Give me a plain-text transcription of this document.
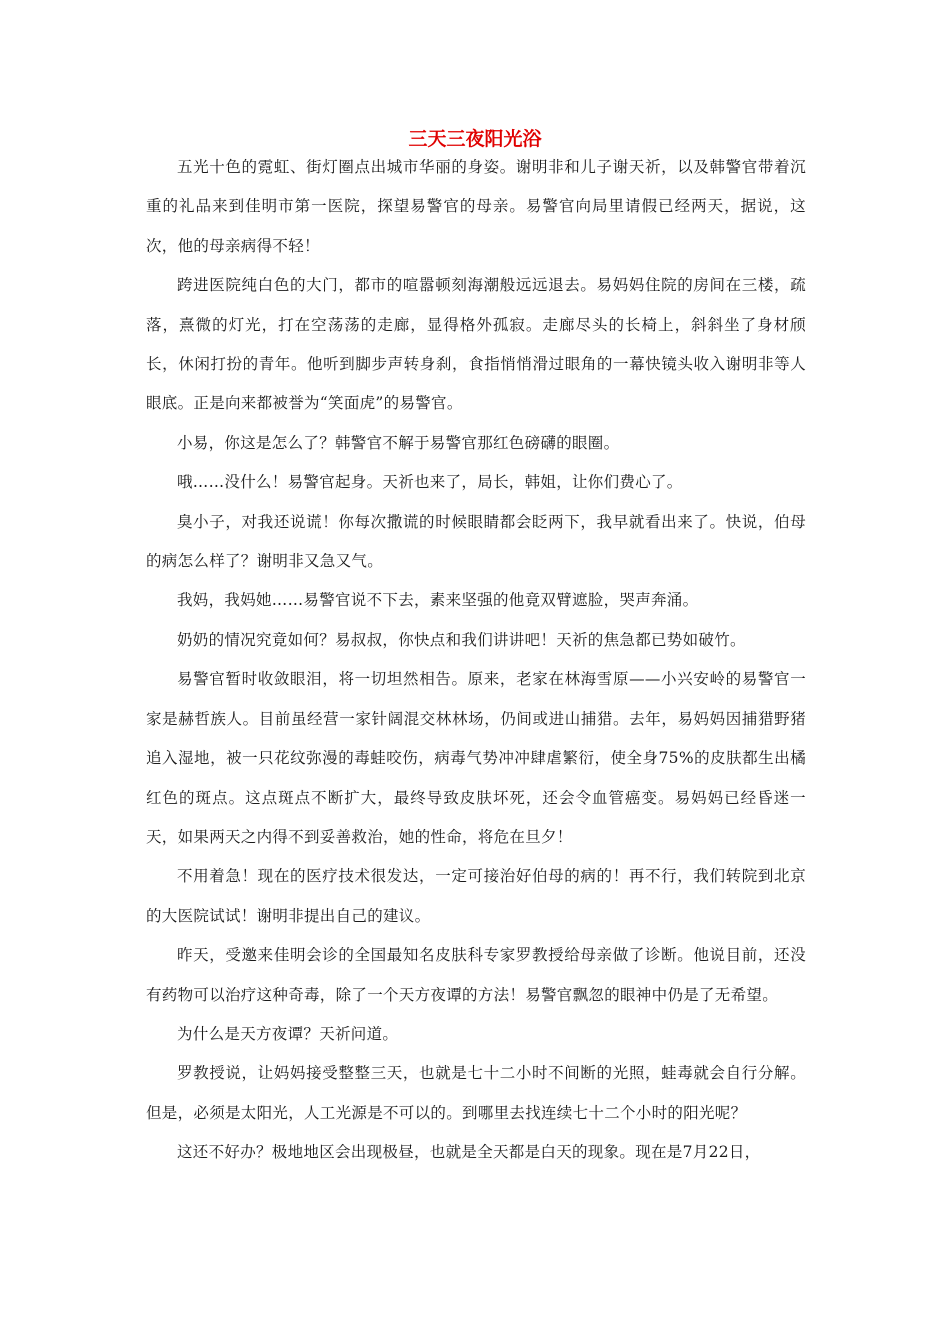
三天三夜阳光浴

五光十色的霓虹、街灯圈点出城市华丽的身姿。谢明非和儿子谢天祈，以及韩警官带着沉重的礼品来到佳明市第一医院，探望易警官的母亲。易警官向局里请假已经两天，据说，这次，他的母亲病得不轻！

跨进医院纯白色的大门，都市的喧嚣顿刻海潮般远远退去。易妈妈住院的房间在三楼，疏落，熹微的灯光，打在空荡荡的走廊，显得格外孤寂。走廊尽头的长椅上，斜斜坐了身材颀长，休闲打扮的青年。他听到脚步声转身刹，食指悄悄滑过眼角的一幕快镜头收入谢明非等人眼底。正是向来都被誉为“笑面虎”的易警官。

小易，你这是怎么了？韩警官不解于易警官那红色磅礴的眼圈。

哦……没什么！易警官起身。天祈也来了，局长，韩姐，让你们费心了。

臭小子，对我还说谎！你每次撒谎的时候眼睛都会眨两下，我早就看出来了。快说，伯母的病怎么样了？谢明非又急又气。

我妈，我妈她……易警官说不下去，素来坚强的他竟双臂遮脸，哭声奔涌。

奶奶的情况究竟如何？易叔叔，你快点和我们讲讲吧！天祈的焦急都已势如破竹。

易警官暂时收敛眼泪，将一切坦然相告。原来，老家在林海雪原——小兴安岭的易警官一家是赫哲族人。目前虽经营一家针阔混交林林场，仍间或进山捕猎。去年，易妈妈因捕猎野猪追入湿地，被一只花纹弥漫的毒蛙咬伤，病毒气势冲冲肆虐繁衍，使全身75%的皮肤都生出橘红色的斑点。这点斑点不断扩大，最终导致皮肤坏死，还会令血管癌变。易妈妈已经昏迷一天，如果两天之内得不到妥善救治，她的性命，将危在旦夕！

不用着急！现在的医疗技术很发达，一定可接治好伯母的病的！再不行，我们转院到北京的大医院试试！谢明非提出自己的建议。

昨天，受邀来佳明会诊的全国最知名皮肤科专家罗教授给母亲做了诊断。他说目前，还没有药物可以治疗这种奇毒，除了一个天方夜谭的方法！易警官飘忽的眼神中仍是了无希望。

为什么是天方夜谭？天祈问道。

罗教授说，让妈妈接受整整三天，也就是七十二小时不间断的光照，蛙毒就会自行分解。但是，必须是太阳光，人工光源是不可以的。到哪里去找连续七十二个小时的阳光呢？

这还不好办？极地地区会出现极昼，也就是全天都是白天的现象。现在是7月22日，
